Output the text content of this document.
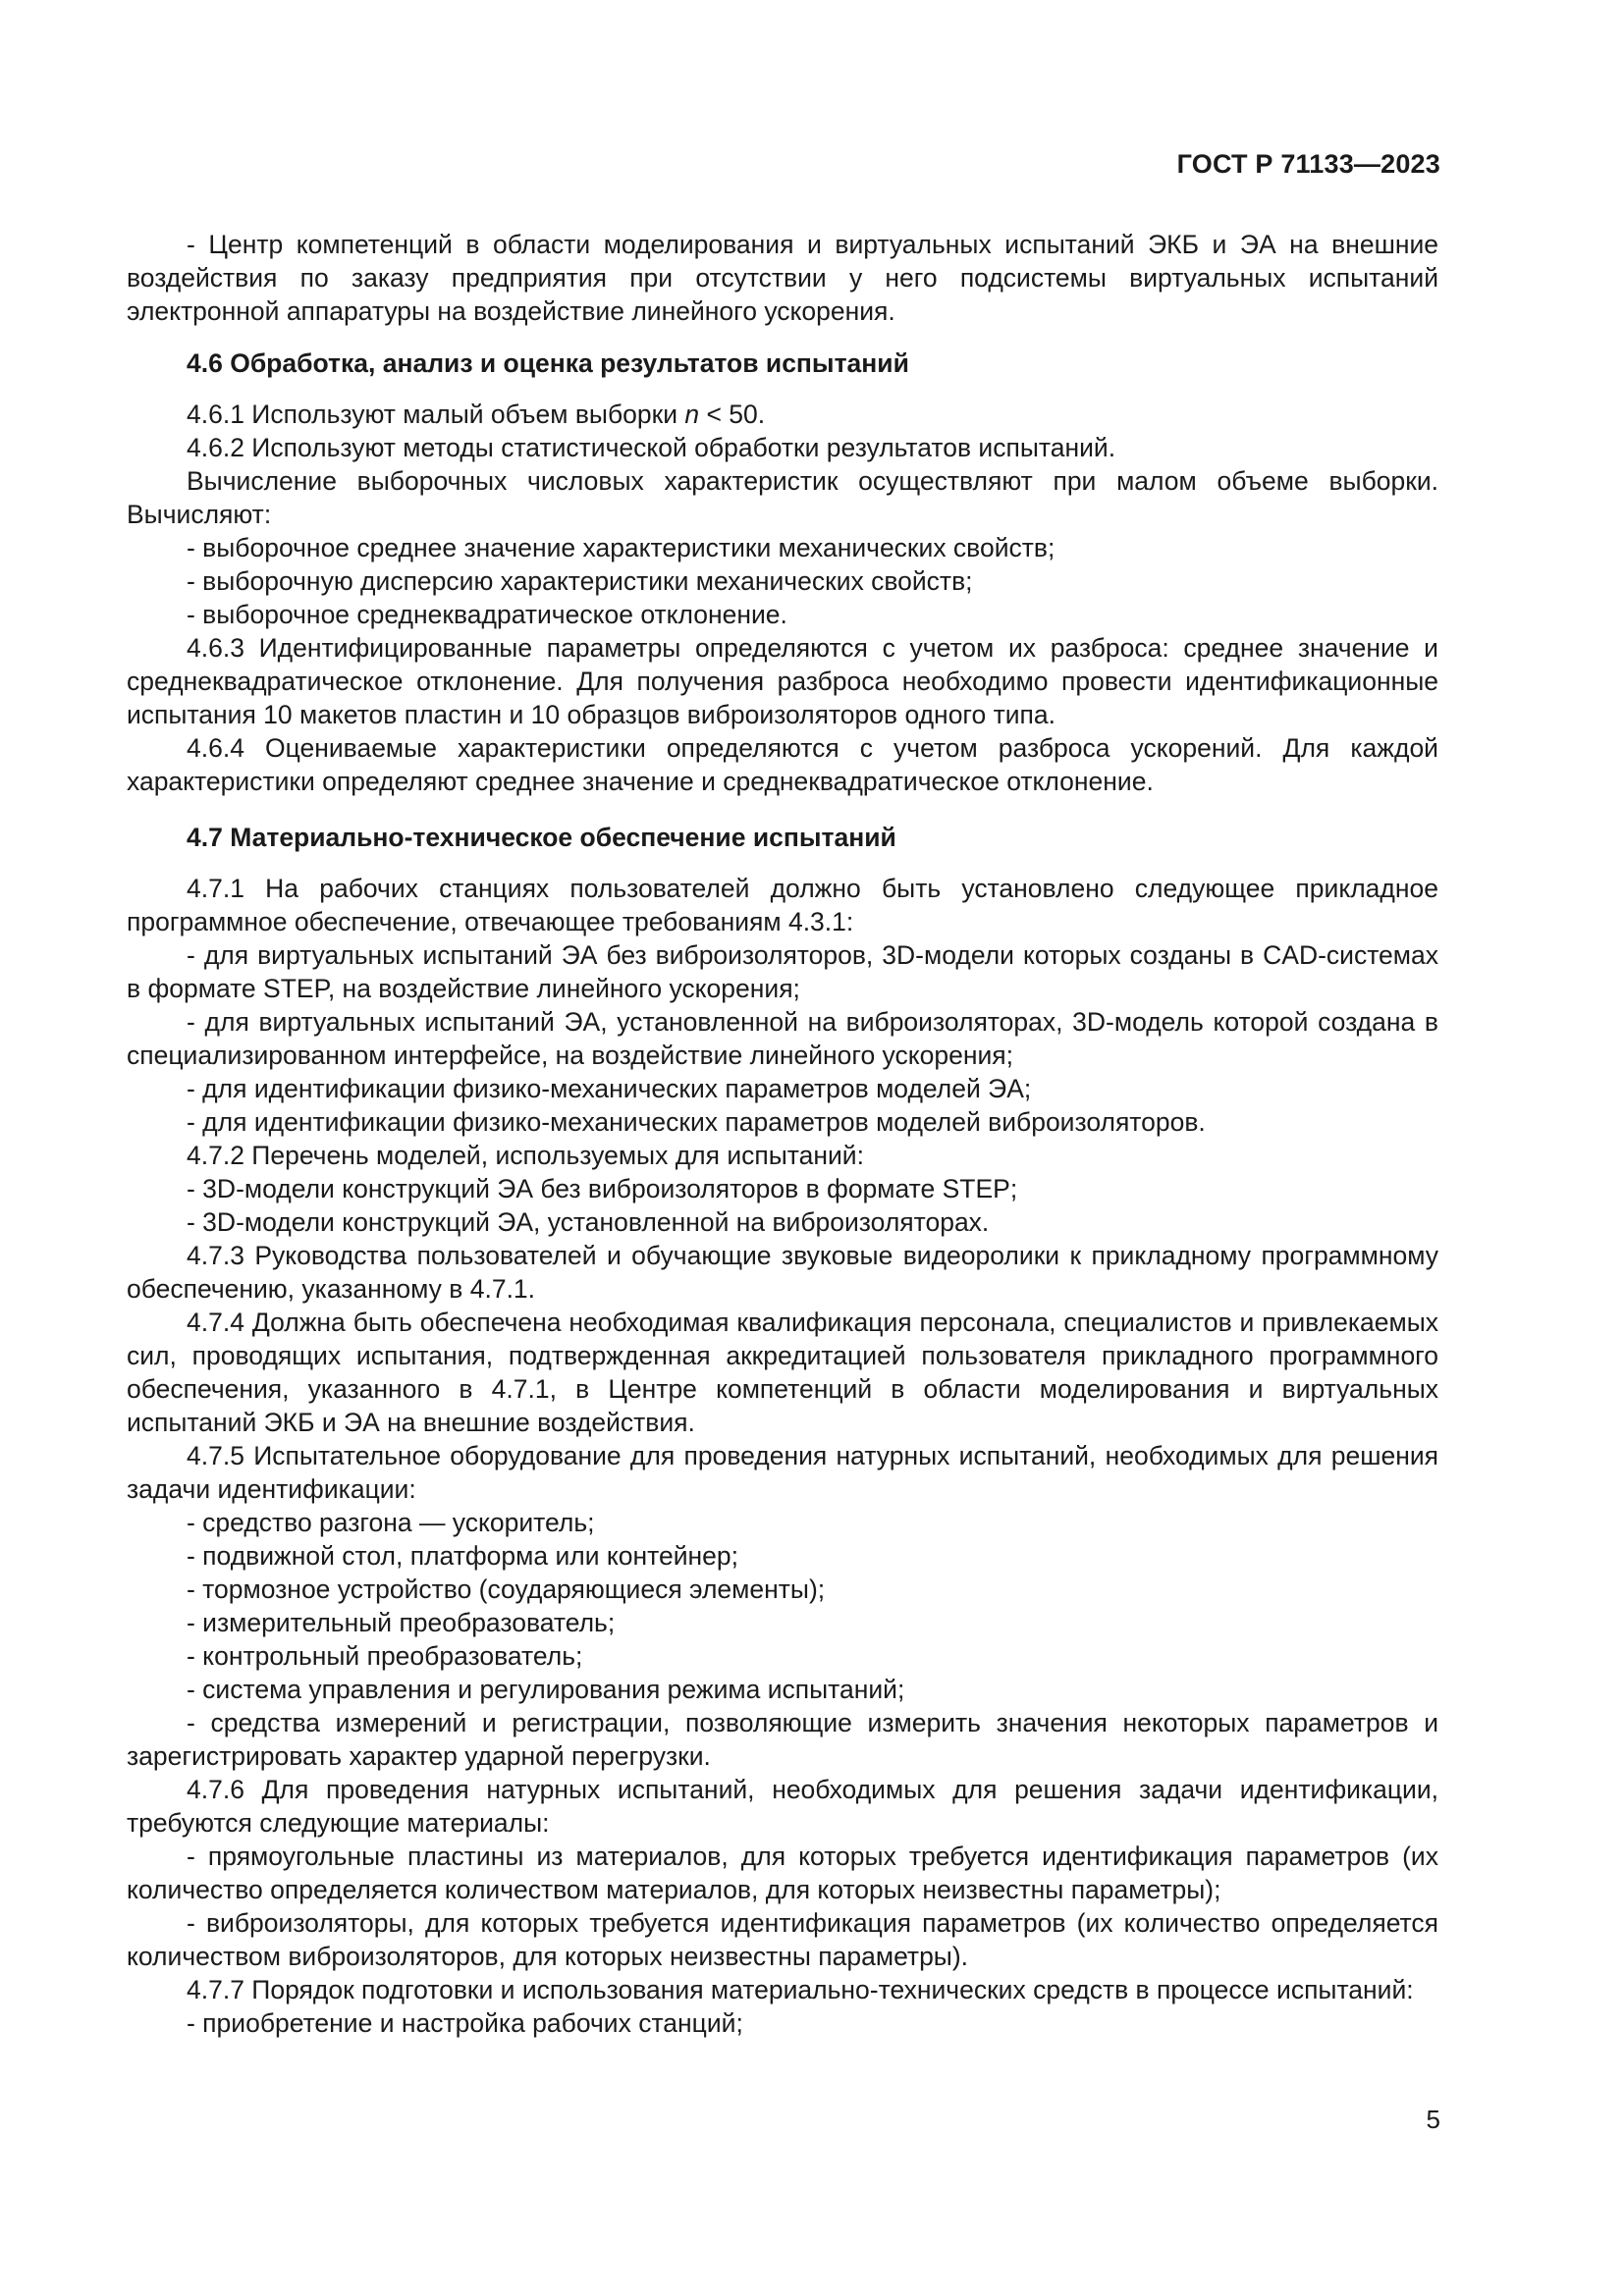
ГОСТ Р 71133—2023

- Центр компетенций в области моделирования и виртуальных испытаний ЭКБ и ЭА на внешние воздействия по заказу предприятия при отсутствии у него подсистемы виртуальных испытаний электронной аппаратуры на воздействие линейного ускорения.

4.6 Обработка, анализ и оценка результатов испытаний

4.6.1 Используют малый объем выборки n < 50.

4.6.2 Используют методы статистической обработки результатов испытаний.

Вычисление выборочных числовых характеристик осуществляют при малом объеме выборки. Вычисляют:

- выборочное среднее значение характеристики механических свойств;

- выборочную дисперсию характеристики механических свойств;

- выборочное среднеквадратическое отклонение.

4.6.3 Идентифицированные параметры определяются с учетом их разброса: среднее значение и среднеквадратическое отклонение. Для получения разброса необходимо провести идентификационные испытания 10 макетов пластин и 10 образцов виброизоляторов одного типа.

4.6.4 Оцениваемые характеристики определяются с учетом разброса ускорений. Для каждой характеристики определяют среднее значение и среднеквадратическое отклонение.

4.7 Материально-техническое обеспечение испытаний

4.7.1 На рабочих станциях пользователей должно быть установлено следующее прикладное программное обеспечение, отвечающее требованиям 4.3.1:

- для виртуальных испытаний ЭА без виброизоляторов, 3D-модели которых созданы в CAD-системах в формате STEP, на воздействие линейного ускорения;

- для виртуальных испытаний ЭА, установленной на виброизоляторах, 3D-модель которой создана в специализированном интерфейсе, на воздействие линейного ускорения;

- для идентификации физико-механических параметров моделей ЭА;

- для идентификации физико-механических параметров моделей виброизоляторов.

4.7.2 Перечень моделей, используемых для испытаний:

- 3D-модели конструкций ЭА без виброизоляторов в формате STEP;

- 3D-модели конструкций ЭА, установленной на виброизоляторах.

4.7.3 Руководства пользователей и обучающие звуковые видеоролики к прикладному программному обеспечению, указанному в 4.7.1.

4.7.4 Должна быть обеспечена необходимая квалификация персонала, специалистов и привлекаемых сил, проводящих испытания, подтвержденная аккредитацией пользователя прикладного программного обеспечения, указанного в 4.7.1, в Центре компетенций в области моделирования и виртуальных испытаний ЭКБ и ЭА на внешние воздействия.

4.7.5 Испытательное оборудование для проведения натурных испытаний, необходимых для решения задачи идентификации:

- средство разгона — ускоритель;

- подвижной стол, платформа или контейнер;

- тормозное устройство (соударяющиеся элементы);

- измерительный преобразователь;

- контрольный преобразователь;

- система управления и регулирования режима испытаний;

- средства измерений и регистрации, позволяющие измерить значения некоторых параметров и зарегистрировать характер ударной перегрузки.

4.7.6 Для проведения натурных испытаний, необходимых для решения задачи идентификации, требуются следующие материалы:

- прямоугольные пластины из материалов, для которых требуется идентификация параметров (их количество определяется количеством материалов, для которых неизвестны параметры);

- виброизоляторы, для которых требуется идентификация параметров (их количество определяется количеством виброизоляторов, для которых неизвестны параметры).

4.7.7 Порядок подготовки и использования материально-технических средств в процессе испытаний:

- приобретение и настройка рабочих станций;

5
